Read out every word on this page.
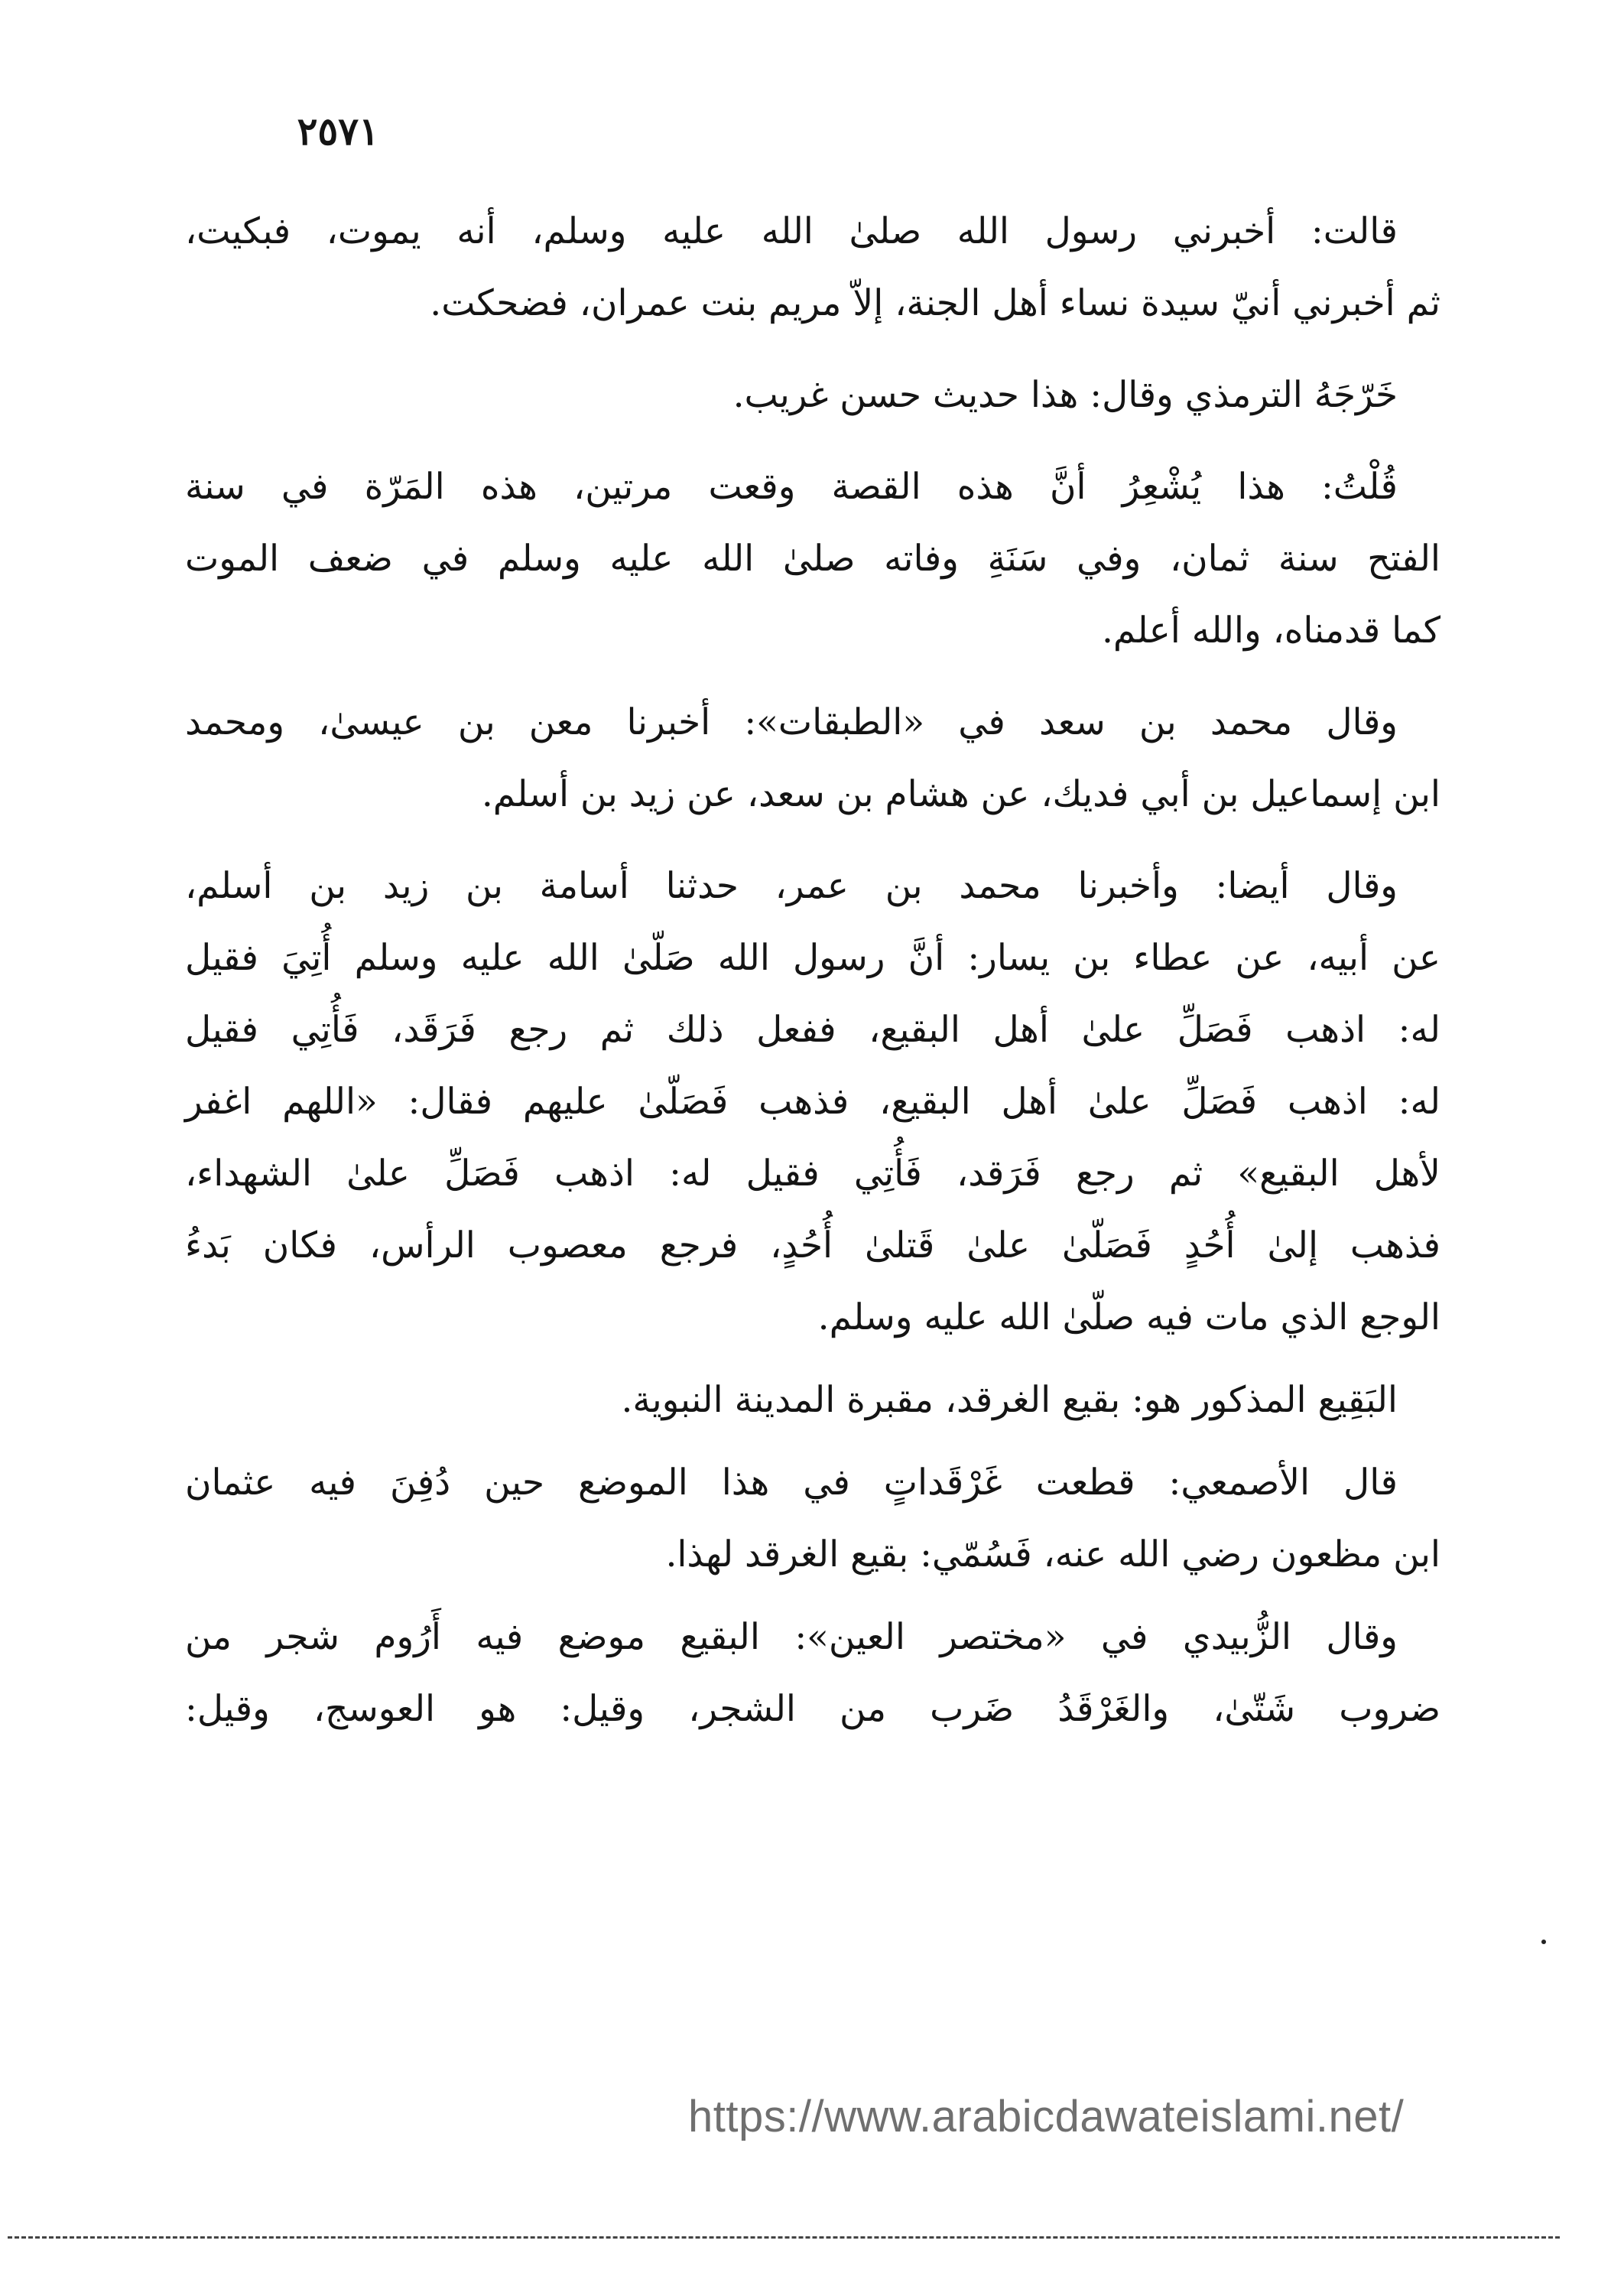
٢٥٧١

قالت: أخبرني رسول الله صلىٰ الله عليه وسلم، أنه يموت، فبكيت،
ثم أخبرني أنيّ سيدة نساء أهل الجنة، إلاّ مريم بنت عمران، فضحكت.

خَرّجَهُ الترمذي وقال: هذا حديث حسن غريب.

قُلْتُ: هذا يُشْعِرُ أنَّ هذه القصة وقعت مرتين، هذه المَرّة في سنة
الفتح سنة ثمان، وفي سَنَةِ وفاته صلىٰ الله عليه وسلم في ضعف الموت
كما قدمناه، والله أعلم.

وقال محمد بن سعد في «الطبقات»: أخبرنا معن بن عيسىٰ، ومحمد
ابن إسماعيل بن أبي فديك، عن هشام بن سعد، عن زيد بن أسلم.

وقال أيضا: وأخبرنا محمد بن عمر، حدثنا أسامة بن زيد بن أسلم،
عن أبيه، عن عطاء بن يسار: أنَّ رسول الله صَلّىٰ الله عليه وسلم أُتِيَ فقيل
له: اذهب فَصَلِّ علىٰ أهل البقيع، ففعل ذلك ثم رجع فَرَقَد، فَأُتِي فقيل
له: اذهب فَصَلِّ علىٰ أهل البقيع، فذهب فَصَلّىٰ عليهم فقال: «اللهم اغفر
لأهل البقيع» ثم رجع فَرَقد، فَأُتِي فقيل له: اذهب فَصَلِّ علىٰ الشهداء،
فذهب إلىٰ أُحُدٍ فَصَلّىٰ علىٰ قَتلىٰ أُحُدٍ، فرجع معصوب الرأس، فكان بَدءُ
الوجع الذي مات فيه صلّىٰ الله عليه وسلم.

البَقِيع المذكور هو: بقيع الغرقد، مقبرة المدينة النبوية.

قال الأصمعي: قطعت غَرْقَداتٍ في هذا الموضع حين دُفِنَ فيه عثمان
ابن مظعون رضي الله عنه، فَسُمّي: بقيع الغرقد لهذا.

وقال الزُّبيدي في «مختصر العين»: البقيع موضع فيه أَرُوم شجر من
ضروب شَتّىٰ، والغَرْقَدُ ضَرب من الشجر، وقيل: هو العوسج، وقيل:

https://www.arabicdawateislami.net/
